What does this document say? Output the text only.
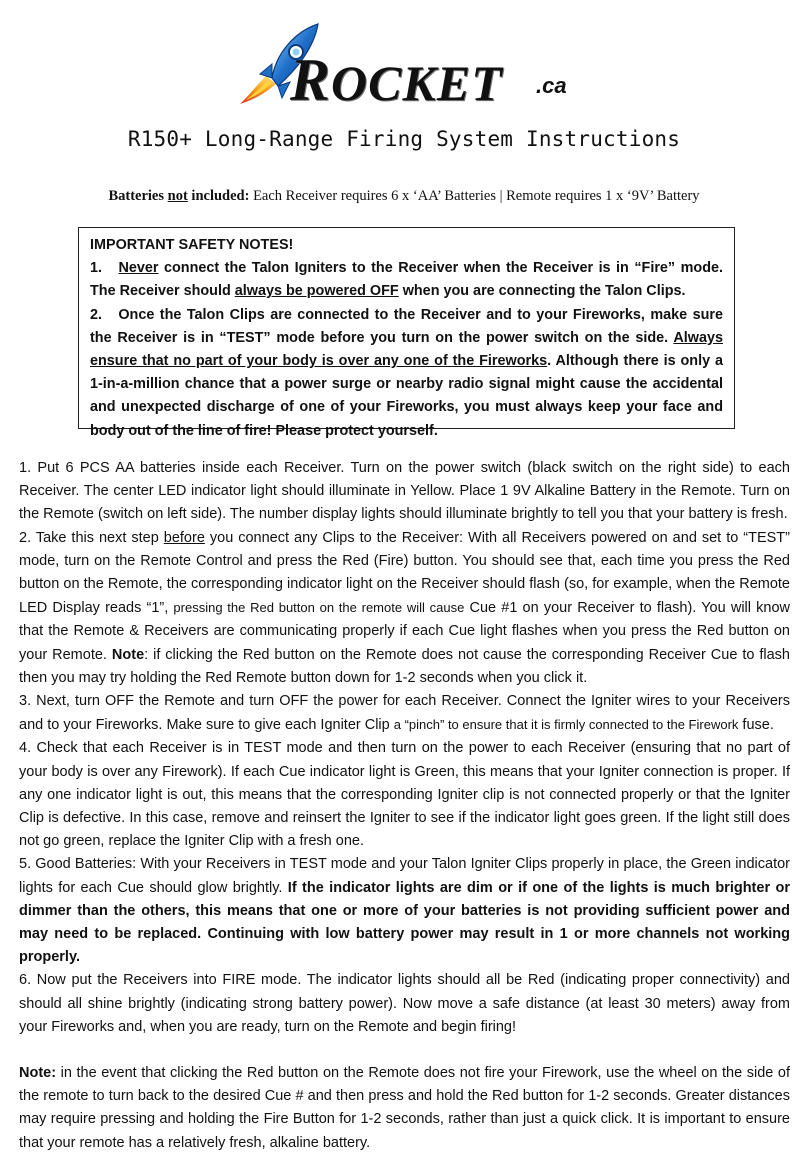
ROCKET .ca
R150+ Long-Range Firing System Instructions
Batteries not included: Each Receiver requires 6 x ‘AA’ Batteries | Remote requires 1 x ‘9V’ Battery

IMPORTANT SAFETY NOTES!

1.   Never connect the Talon Igniters to the Receiver when the Receiver is in “Fire” mode. The Receiver should always be powered OFF when you are connecting the Talon Clips.

2.   Once the Talon Clips are connected to the Receiver and to your Fireworks, make sure the Receiver is in “TEST” mode before you turn on the power switch on the side. Always ensure that no part of your body is over any one of the Fireworks. Although there is only a 1-in-a-million chance that a power surge or nearby radio signal might cause the accidental and unexpected discharge of one of your Fireworks, you must always keep your face and body out of the line of fire! Please protect yourself.

1. Put 6 PCS AA batteries inside each Receiver. Turn on the power switch (black switch on the right side) to each Receiver. The center LED indicator light should illuminate in Yellow. Place 1 9V Alkaline Battery in the Remote. Turn on the Remote (switch on left side). The number display lights should illuminate brightly to tell you that your battery is fresh.

2. Take this next step before you connect any Clips to the Receiver: With all Receivers powered on and set to “TEST” mode, turn on the Remote Control and press the Red (Fire) button. You should see that, each time you press the Red button on the Remote, the corresponding indicator light on the Receiver should flash (so, for example, when the Remote LED Display reads “1”, pressing the Red button on the remote will cause Cue #1 on your Receiver to flash). You will know that the Remote & Receivers are communicating properly if each Cue light flashes when you press the Red button on your Remote. Note: if clicking the Red button on the Remote does not cause the corresponding Receiver Cue to flash then you may try holding the Red Remote button down for 1-2 seconds when you click it.

3. Next, turn OFF the Remote and turn OFF the power for each Receiver. Connect the Igniter wires to your Receivers and to your Fireworks. Make sure to give each Igniter Clip a “pinch” to ensure that it is firmly connected to the Firework fuse.

4. Check that each Receiver is in TEST mode and then turn on the power to each Receiver (ensuring that no part of your body is over any Firework). If each Cue indicator light is Green, this means that your Igniter connection is proper. If any one indicator light is out, this means that the corresponding Igniter clip is not connected properly or that the Igniter Clip is defective. In this case, remove and reinsert the Igniter to see if the indicator light goes green. If the light still does not go green, replace the Igniter Clip with a fresh one.

5. Good Batteries: With your Receivers in TEST mode and your Talon Igniter Clips properly in place, the Green indicator lights for each Cue should glow brightly. If the indicator lights are dim or if one of the lights is much brighter or dimmer than the others, this means that one or more of your batteries is not providing sufficient power and may need to be replaced. Continuing with low battery power may result in 1 or more channels not working properly.

6. Now put the Receivers into FIRE mode. The indicator lights should all be Red (indicating proper connectivity) and should all shine brightly (indicating strong battery power). Now move a safe distance (at least 30 meters) away from your Fireworks and, when you are ready, turn on the Remote and begin firing!

Note: in the event that clicking the Red button on the Remote does not fire your Firework, use the wheel on the side of the remote to turn back to the desired Cue # and then press and hold the Red button for 1-2 seconds. Greater distances may require pressing and holding the Fire Button for 1-2 seconds, rather than just a quick click. It is important to ensure that your remote has a relatively fresh, alkaline battery.
